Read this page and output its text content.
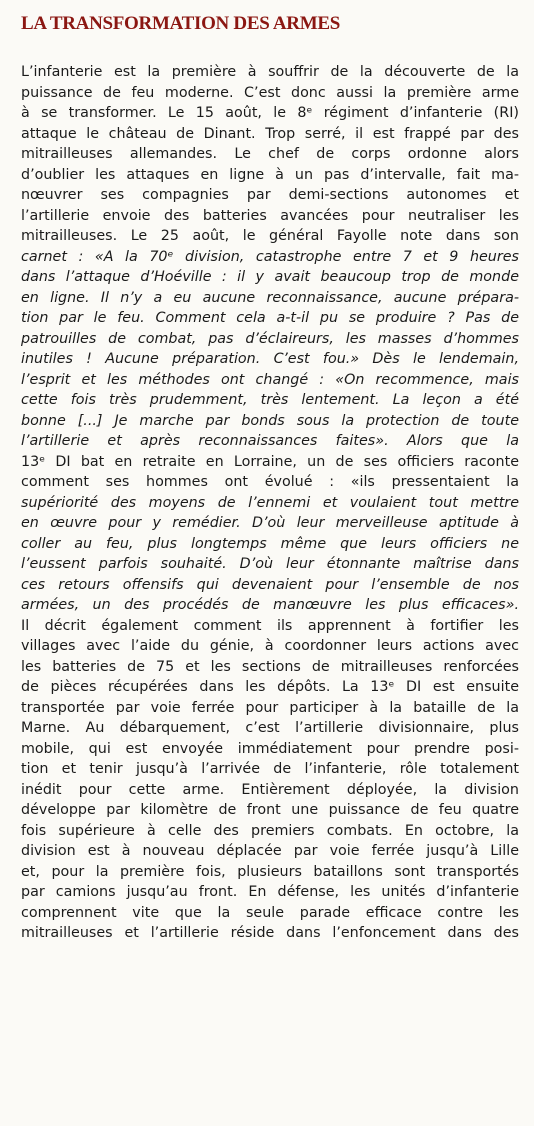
LA TRANSFORMATION DES ARMES
L’infanterie est la première à souffrir de la découverte de la
puissance de feu moderne. C’est donc aussi la première arme
à se transformer. Le 15 août, le 8ᵉ régiment d’infanterie (RI)
attaque le château de Dinant. Trop serré, il est frappé par des
mitrailleuses allemandes. Le chef de corps ordonne alors
d’oublier les attaques en ligne à un pas d’intervalle, fait ma-
nœuvrer ses compagnies par demi-sections autonomes et
l’artillerie envoie des batteries avancées pour neutraliser les
mitrailleuses. Le 25 août, le général Fayolle note dans son
carnet : «A la 70ᵉ division, catastrophe entre 7 et 9 heures
dans l’attaque d’Hoéville : il y avait beaucoup trop de monde
en ligne. Il n’y a eu aucune reconnaissance, aucune prépara-
tion par le feu. Comment cela a-t-il pu se produire ? Pas de
patrouilles de combat, pas d’éclaireurs, les masses d’hommes
inutiles ! Aucune préparation. C’est fou.» Dès le lendemain,
l’esprit et les méthodes ont changé : «On recommence, mais
cette fois très prudemment, très lentement. La leçon a été
bonne [...] Je marche par bonds sous la protection de toute
l’artillerie et après reconnaissances faites». Alors que la
13ᵉ DI bat en retraite en Lorraine, un de ses officiers raconte
comment ses hommes ont évolué : «ils pressentaient la
supériorité des moyens de l’ennemi et voulaient tout mettre
en œuvre pour y remédier. D’où leur merveilleuse aptitude à
coller au feu, plus longtemps même que leurs officiers ne
l’eussent parfois souhaité. D’où leur étonnante maîtrise dans
ces retours offensifs qui devenaient pour l’ensemble de nos
armées, un des procédés de manœuvre les plus efficaces».
Il décrit également comment ils apprennent à fortifier les
villages avec l’aide du génie, à coordonner leurs actions avec
les batteries de 75 et les sections de mitrailleuses renforcées
de pièces récupérées dans les dépôts. La 13ᵉ DI est ensuite
transportée par voie ferrée pour participer à la bataille de la
Marne. Au débarquement, c’est l’artillerie divisionnaire, plus
mobile, qui est envoyée immédiatement pour prendre posi-
tion et tenir jusqu’à l’arrivée de l’infanterie, rôle totalement
inédit pour cette arme. Entièrement déployée, la division
développe par kilomètre de front une puissance de feu quatre
fois supérieure à celle des premiers combats. En octobre, la
division est à nouveau déplacée par voie ferrée jusqu’à Lille
et, pour la première fois, plusieurs bataillons sont transportés
par camions jusqu’au front. En défense, les unités d’infanterie
comprennent vite que la seule parade efficace contre les
mitrailleuses et l’artillerie réside dans l’enfoncement dans des
